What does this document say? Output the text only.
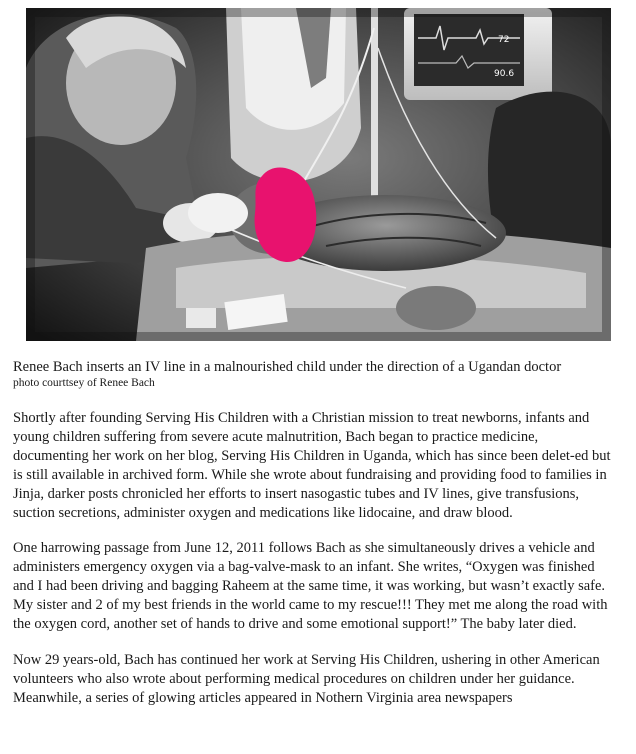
72
90.6
Renee Bach inserts an IV line in a malnourished child under the direction of a Ugandan doctor
photo courttsey of Renee Bach

Shortly after founding Serving His Children with a Christian mission to treat newborns, infants and young children suffering from severe acute malnutrition, Bach began to practice medicine, documenting her work on her blog, Serving His Children in Uganda, which has since been delet-ed but is still available in archived form. While she wrote about fundraising and providing food to families in Jinja, darker posts chronicled her efforts to insert nasogastic tubes and IV lines, give transfusions, suction secretions, administer oxygen and medications like lidocaine, and draw blood.

One harrowing passage from June 12, 2011 follows Bach as she simultaneously drives a vehicle and administers emergency oxygen via a bag-valve-mask to an infant. She writes, “Oxygen was finished and I had been driving and bagging Raheem at the same time, it was working, but wasn’t exactly safe. My sister and 2 of my best friends in the world came to my rescue!!! They met me along the road with the oxygen cord, another set of hands to drive and some emotional support!” The baby later died.

Now 29 years-old, Bach has continued her work at Serving His Children, ushering in other American volunteers who also wrote about performing medical procedures on children under her guidance. Meanwhile, a series of glowing articles appeared in Nothern Virginia area newspapers
